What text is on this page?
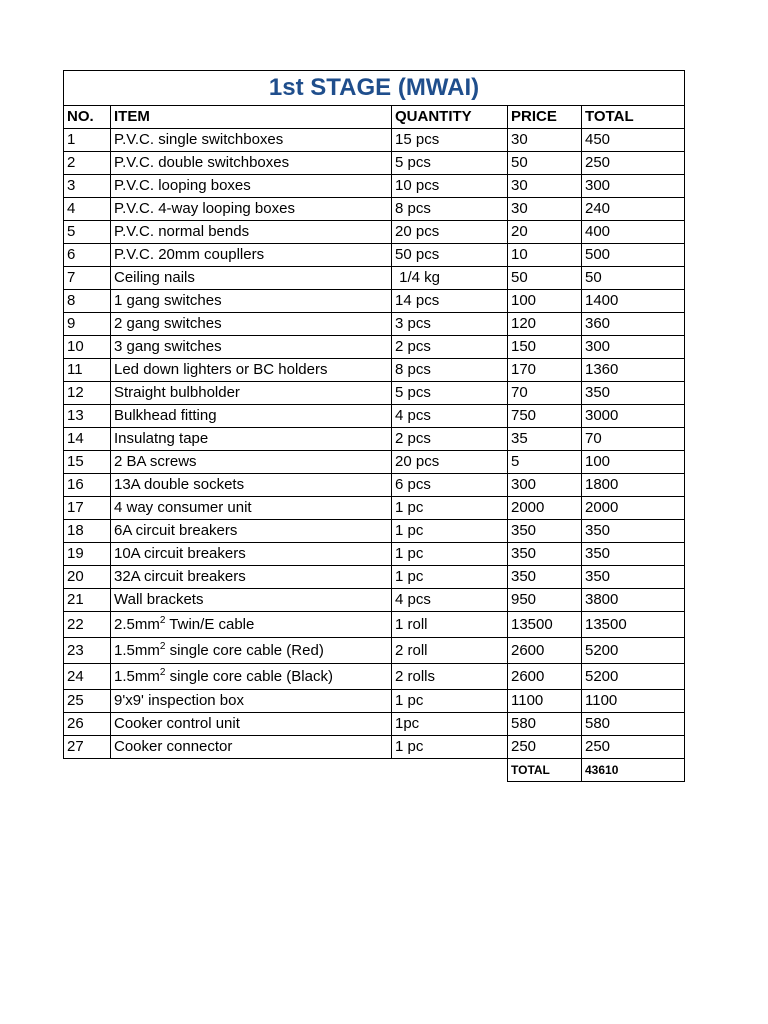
1st STAGE (MWAI)				
NO.	ITEM	QUANTITY	PRICE	TOTAL
1	P.V.C. single switchboxes	15 pcs	30	450
2	P.V.C. double switchboxes	5 pcs	50	250
3	P.V.C. looping boxes	10 pcs	30	300
4	P.V.C. 4-way looping boxes	8 pcs	30	240
5	P.V.C. normal bends	20 pcs	20	400
6	P.V.C. 20mm coupllers	50 pcs	10	500
7	Ceiling nails	1/4 kg	50	50
8	1 gang switches	14 pcs	100	1400
9	2 gang switches	3 pcs	120	360
10	3 gang switches	2 pcs	150	300
11	Led down lighters or BC holders	8 pcs	170	1360
12	Straight bulbholder	5 pcs	70	350
13	Bulkhead fitting	4 pcs	750	3000
14	Insulatng tape	2 pcs	35	70
15	2 BA screws	20 pcs	5	100
16	13A double sockets	6 pcs	300	1800
17	4 way consumer unit	1 pc	2000	2000
18	6A circuit breakers	1 pc	350	350
19	10A circuit breakers	1 pc	350	350
20	32A circuit breakers	1 pc	350	350
21	Wall brackets	4 pcs	950	3800
22	$2.5mm^2$ Twin/E cable	1 roll	13500	13500
23	$1.5mm^2$ single core cable (Red)	2 roll	2600	5200
24	$1.5mm^2$ single core cable (Black)	2 rolls	2600	5200
25	9'x9' inspection box	1 pc	1100	1100
26	Cooker control unit	1pc	580	580
27	Cooker connector	1 pc	250	250
			TOTAL	43610
